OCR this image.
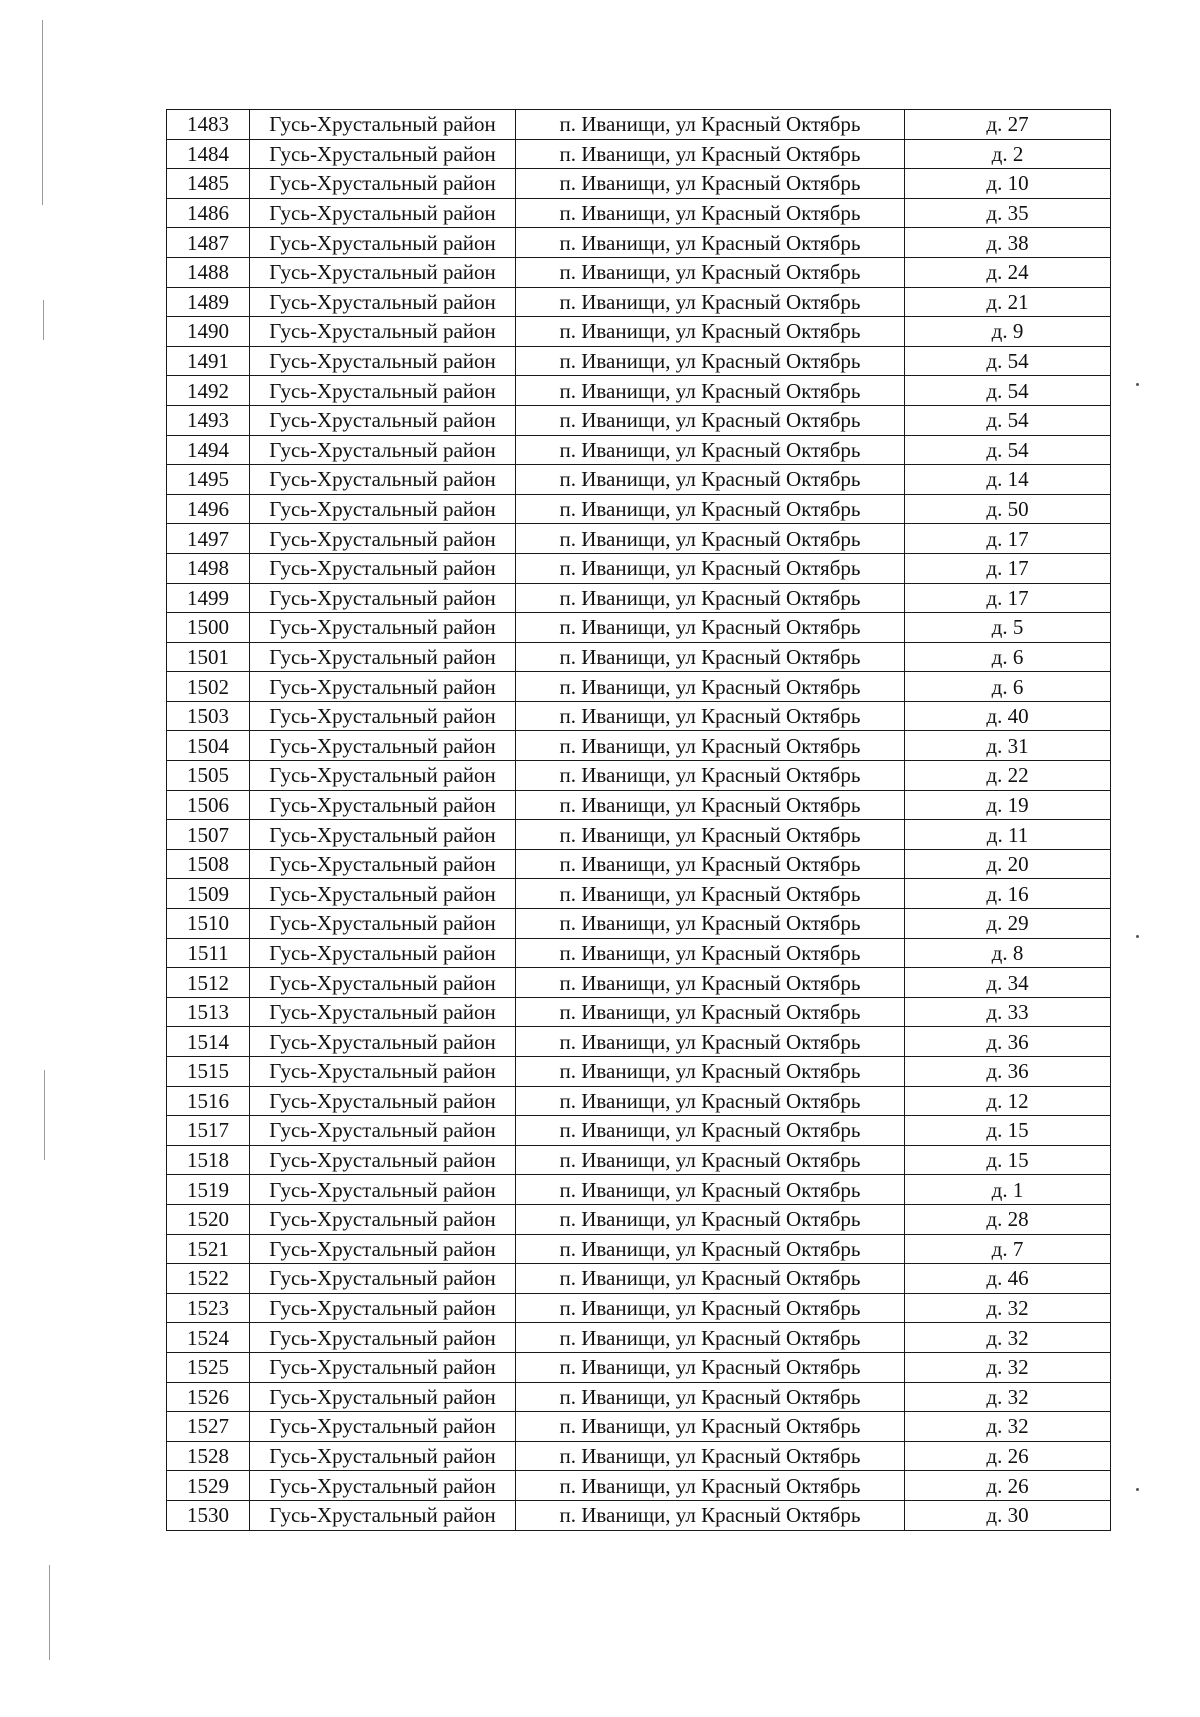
1483	Гусь-Хрустальный район	п. Иванищи, ул Красный Октябрь	д. 27
1484	Гусь-Хрустальный район	п. Иванищи, ул Красный Октябрь	д. 2
1485	Гусь-Хрустальный район	п. Иванищи, ул Красный Октябрь	д. 10
1486	Гусь-Хрустальный район	п. Иванищи, ул Красный Октябрь	д. 35
1487	Гусь-Хрустальный район	п. Иванищи, ул Красный Октябрь	д. 38
1488	Гусь-Хрустальный район	п. Иванищи, ул Красный Октябрь	д. 24
1489	Гусь-Хрустальный район	п. Иванищи, ул Красный Октябрь	д. 21
1490	Гусь-Хрустальный район	п. Иванищи, ул Красный Октябрь	д. 9
1491	Гусь-Хрустальный район	п. Иванищи, ул Красный Октябрь	д. 54
1492	Гусь-Хрустальный район	п. Иванищи, ул Красный Октябрь	д. 54
1493	Гусь-Хрустальный район	п. Иванищи, ул Красный Октябрь	д. 54
1494	Гусь-Хрустальный район	п. Иванищи, ул Красный Октябрь	д. 54
1495	Гусь-Хрустальный район	п. Иванищи, ул Красный Октябрь	д. 14
1496	Гусь-Хрустальный район	п. Иванищи, ул Красный Октябрь	д. 50
1497	Гусь-Хрустальный район	п. Иванищи, ул Красный Октябрь	д. 17
1498	Гусь-Хрустальный район	п. Иванищи, ул Красный Октябрь	д. 17
1499	Гусь-Хрустальный район	п. Иванищи, ул Красный Октябрь	д. 17
1500	Гусь-Хрустальный район	п. Иванищи, ул Красный Октябрь	д. 5
1501	Гусь-Хрустальный район	п. Иванищи, ул Красный Октябрь	д. 6
1502	Гусь-Хрустальный район	п. Иванищи, ул Красный Октябрь	д. 6
1503	Гусь-Хрустальный район	п. Иванищи, ул Красный Октябрь	д. 40
1504	Гусь-Хрустальный район	п. Иванищи, ул Красный Октябрь	д. 31
1505	Гусь-Хрустальный район	п. Иванищи, ул Красный Октябрь	д. 22
1506	Гусь-Хрустальный район	п. Иванищи, ул Красный Октябрь	д. 19
1507	Гусь-Хрустальный район	п. Иванищи, ул Красный Октябрь	д. 11
1508	Гусь-Хрустальный район	п. Иванищи, ул Красный Октябрь	д. 20
1509	Гусь-Хрустальный район	п. Иванищи, ул Красный Октябрь	д. 16
1510	Гусь-Хрустальный район	п. Иванищи, ул Красный Октябрь	д. 29
1511	Гусь-Хрустальный район	п. Иванищи, ул Красный Октябрь	д. 8
1512	Гусь-Хрустальный район	п. Иванищи, ул Красный Октябрь	д. 34
1513	Гусь-Хрустальный район	п. Иванищи, ул Красный Октябрь	д. 33
1514	Гусь-Хрустальный район	п. Иванищи, ул Красный Октябрь	д. 36
1515	Гусь-Хрустальный район	п. Иванищи, ул Красный Октябрь	д. 36
1516	Гусь-Хрустальный район	п. Иванищи, ул Красный Октябрь	д. 12
1517	Гусь-Хрустальный район	п. Иванищи, ул Красный Октябрь	д. 15
1518	Гусь-Хрустальный район	п. Иванищи, ул Красный Октябрь	д. 15
1519	Гусь-Хрустальный район	п. Иванищи, ул Красный Октябрь	д. 1
1520	Гусь-Хрустальный район	п. Иванищи, ул Красный Октябрь	д. 28
1521	Гусь-Хрустальный район	п. Иванищи, ул Красный Октябрь	д. 7
1522	Гусь-Хрустальный район	п. Иванищи, ул Красный Октябрь	д. 46
1523	Гусь-Хрустальный район	п. Иванищи, ул Красный Октябрь	д. 32
1524	Гусь-Хрустальный район	п. Иванищи, ул Красный Октябрь	д. 32
1525	Гусь-Хрустальный район	п. Иванищи, ул Красный Октябрь	д. 32
1526	Гусь-Хрустальный район	п. Иванищи, ул Красный Октябрь	д. 32
1527	Гусь-Хрустальный район	п. Иванищи, ул Красный Октябрь	д. 32
1528	Гусь-Хрустальный район	п. Иванищи, ул Красный Октябрь	д. 26
1529	Гусь-Хрустальный район	п. Иванищи, ул Красный Октябрь	д. 26
1530	Гусь-Хрустальный район	п. Иванищи, ул Красный Октябрь	д. 30
